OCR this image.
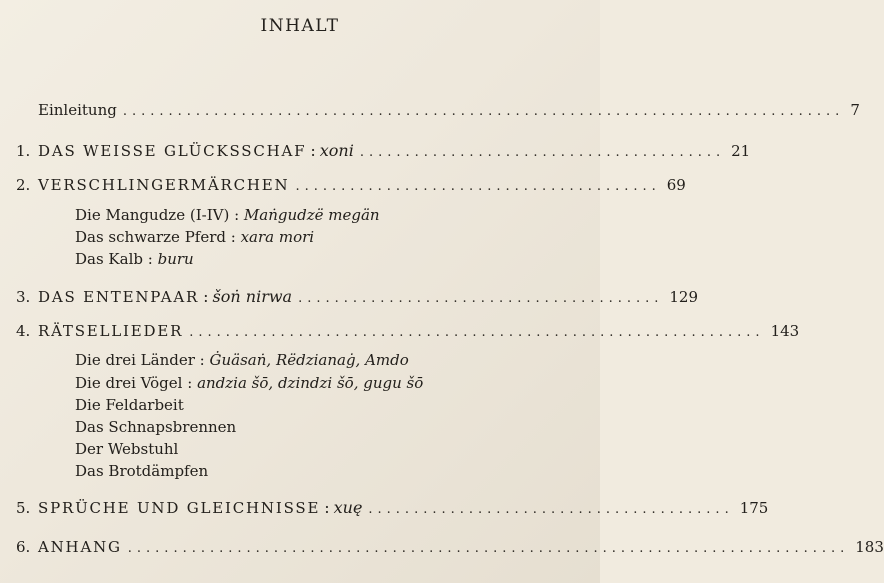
INHALT
Einleitung ............................................................................... 7
1. DAS WEISSE GLÜCKSSCHAF : xoni ........................................ 21
2. VERSCHLINGERMÄRCHEN ........................................ 69
Die Mangudze (I-IV) : Maṅgudzë megän
Das schwarze Pferd : xara mori
Das Kalb : buru
3. DAS ENTENPAAR : šoṅ nirwa ........................................ 129
4. RÄTSELLIEDER ............................................................... 143
Die drei Länder : Ġuäsaṅ, Rëdzianaġ, Amdo
Die drei Vögel : andzia šō, dzindzi šō, gugu šō
Die Feldarbeit
Das Schnapsbrennen
Der Webstuhl
Das Brotdämpfen
5. SPRÜCHE UND GLEICHNISSE : xuę ........................................ 175
6. ANHANG ............................................................................... 183
